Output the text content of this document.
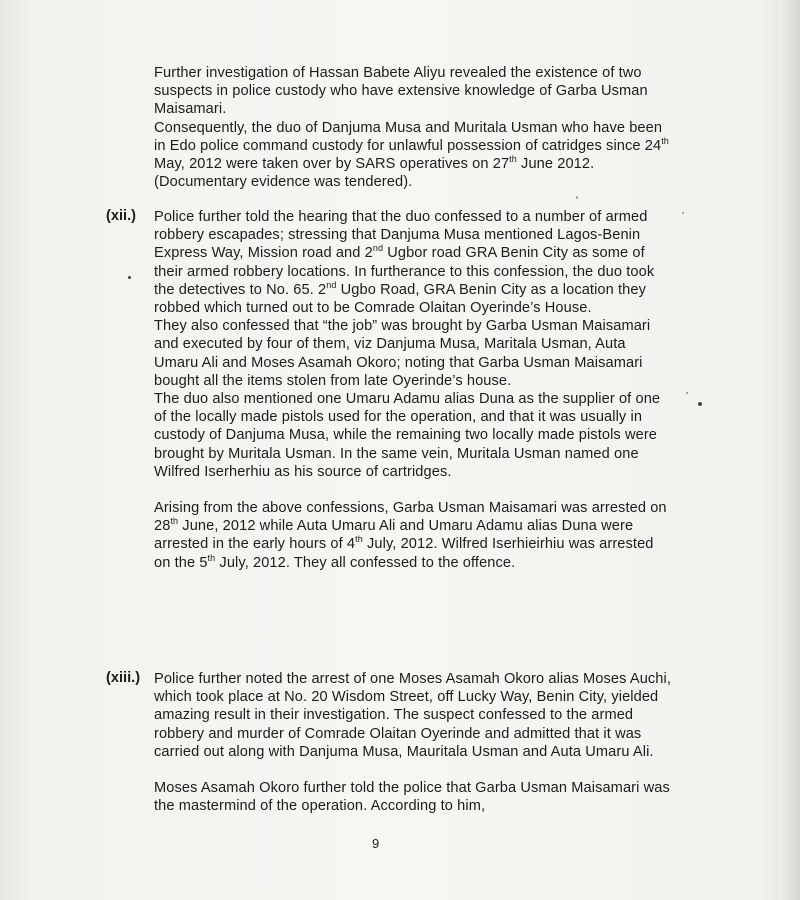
Further investigation of Hassan Babete Aliyu revealed the existence of two suspects in police custody who have extensive knowledge of Garba Usman Maisamari.

Consequently, the duo of Danjuma Musa and Muritala Usman who have been in Edo police command custody for unlawful possession of catridges since 24th May, 2012 were taken over by SARS operatives on 27th June 2012. (Documentary evidence was tendered).

(xii.) Police further told the hearing that the duo confessed to a number of armed robbery escapades; stressing that Danjuma Musa mentioned Lagos-Benin Express Way, Mission road and 2nd Ugbor road GRA Benin City as some of their armed robbery locations. In furtherance to this confession, the duo took the detectives to No. 65. 2nd Ugbo Road, GRA Benin City as a location they robbed which turned out to be Comrade Olaitan Oyerinde’s House.

They also confessed that “the job” was brought by Garba Usman Maisamari and executed by four of them, viz Danjuma Musa, Maritala Usman, Auta Umaru Ali and Moses Asamah Okoro; noting that Garba Usman Maisamari bought all the items stolen from late Oyerinde’s house.

The duo also mentioned one Umaru Adamu alias Duna as the supplier of one of the locally made pistols used for the operation, and that it was usually in custody of Danjuma Musa, while the remaining two locally made pistols were brought by Muritala Usman. In the same vein, Muritala Usman named one Wilfred Iserherhiu as his source of cartridges.

Arising from the above confessions, Garba Usman Maisamari was arrested on 28th June, 2012 while Auta Umaru Ali and Umaru Adamu alias Duna were arrested in the early hours of 4th July, 2012. Wilfred Iserhieirhiu was arrested on the 5th July, 2012. They all confessed to the offence.

(xiii.) Police further noted the arrest of one Moses Asamah Okoro alias Moses Auchi, which took place at No. 20 Wisdom Street, off Lucky Way, Benin City, yielded amazing result in their investigation. The suspect confessed to the armed robbery and murder of Comrade Olaitan Oyerinde and admitted that it was carried out along with Danjuma Musa, Mauritala Usman and Auta Umaru Ali.

Moses Asamah Okoro further told the police that Garba Usman Maisamari was the mastermind of the operation. According to him,

9
